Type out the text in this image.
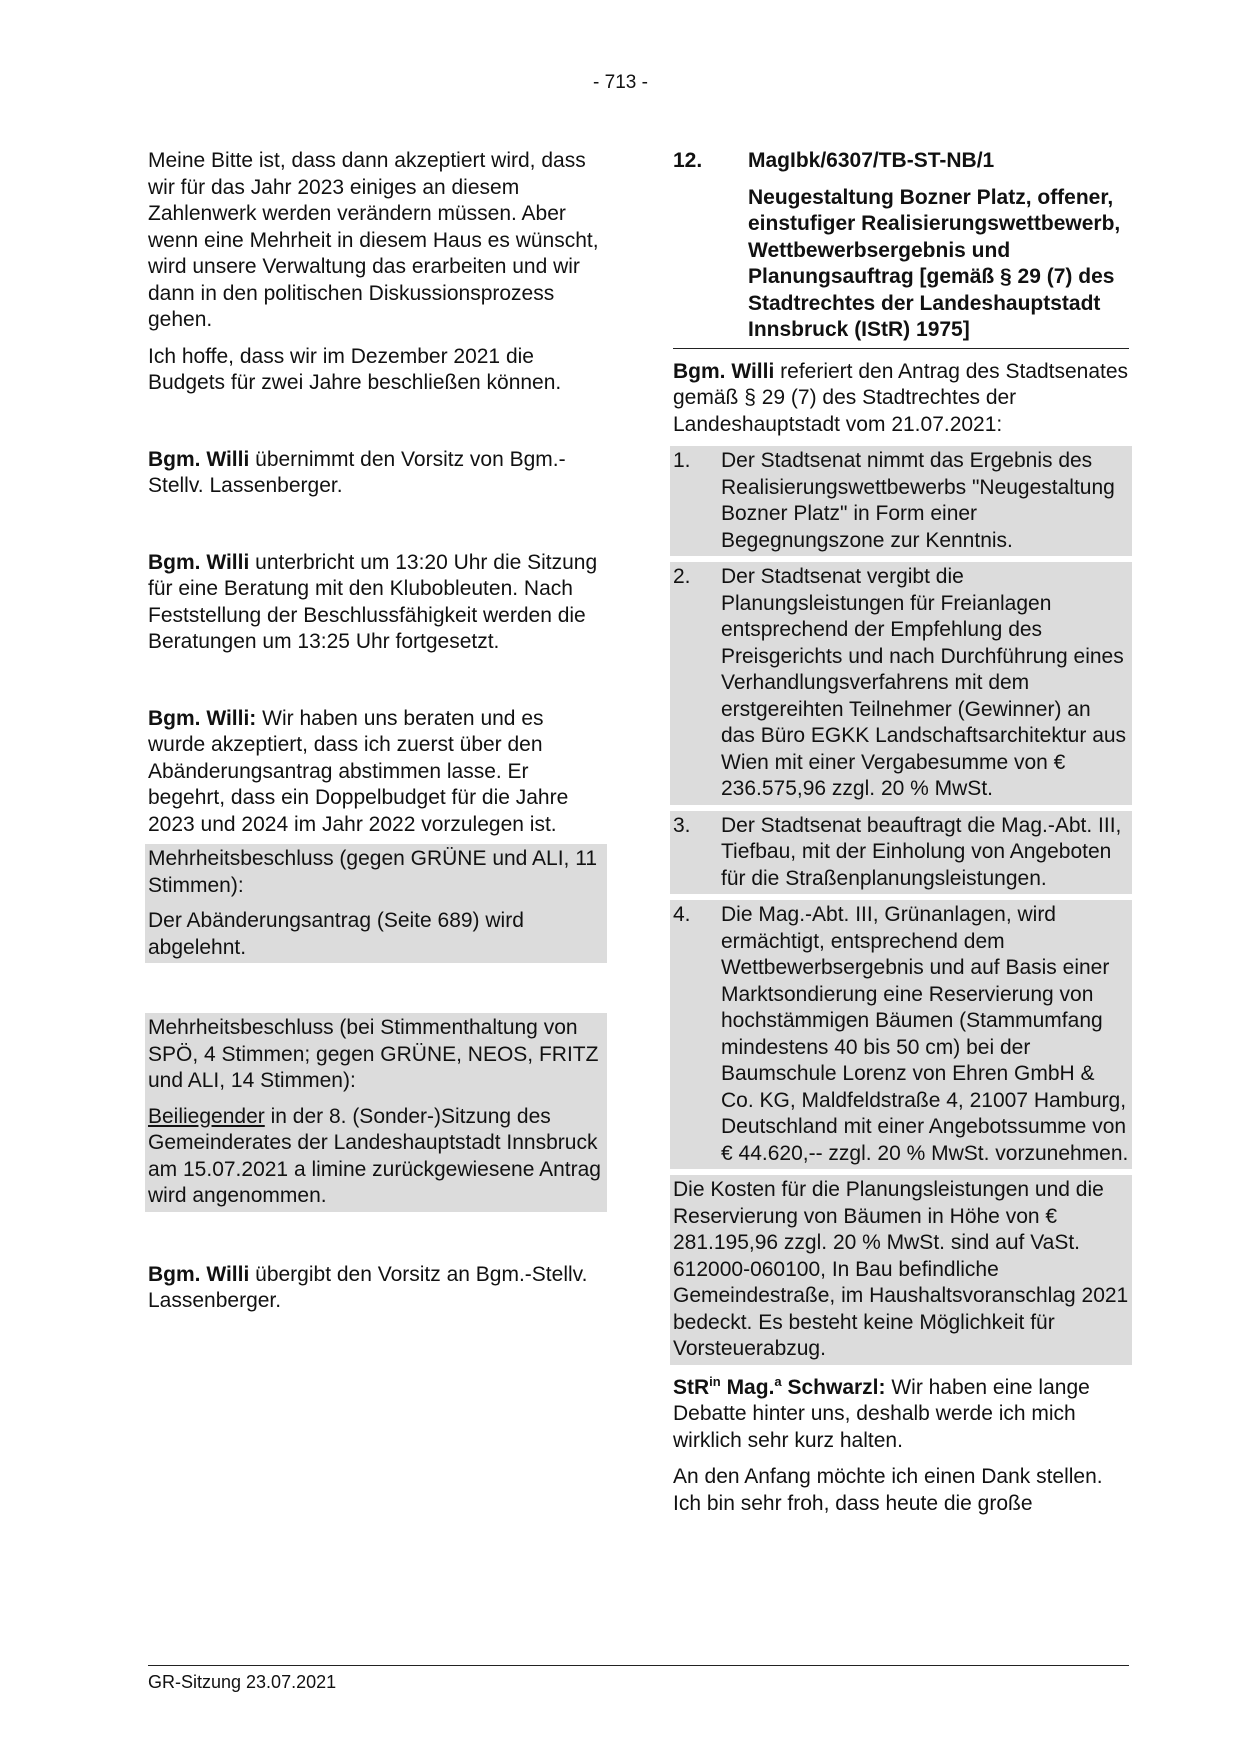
- 713 -

Meine Bitte ist, dass dann akzeptiert wird, dass wir für das Jahr 2023 einiges an diesem Zahlenwerk werden verändern müssen. Aber wenn eine Mehrheit in diesem Haus es wünscht, wird unsere Verwaltung das erarbeiten und wir dann in den politischen Diskussionsprozess gehen.

Ich hoffe, dass wir im Dezember 2021 die Budgets für zwei Jahre beschließen können.

Bgm. Willi übernimmt den Vorsitz von Bgm.-Stellv. Lassenberger.

Bgm. Willi unterbricht um 13:20 Uhr die Sitzung für eine Beratung mit den Klubobleuten. Nach Feststellung der Beschlussfähigkeit werden die Beratungen um 13:25 Uhr fortgesetzt.

Bgm. Willi: Wir haben uns beraten und es wurde akzeptiert, dass ich zuerst über den Abänderungsantrag abstimmen lasse. Er begehrt, dass ein Doppelbudget für die Jahre 2023 und 2024 im Jahr 2022 vorzulegen ist.

Mehrheitsbeschluss (gegen GRÜNE und ALI, 11 Stimmen):

Der Abänderungsantrag (Seite 689) wird abgelehnt.

Mehrheitsbeschluss (bei Stimmenthaltung von SPÖ, 4 Stimmen; gegen GRÜNE, NEOS, FRITZ und ALI, 14 Stimmen):

Beiliegender in der 8. (Sonder-)Sitzung des Gemeinderates der Landeshauptstadt Innsbruck am 15.07.2021 a limine zurückgewiesene Antrag wird angenommen.

Bgm. Willi übergibt den Vorsitz an Bgm.-Stellv. Lassenberger.

12.	MagIbk/6307/TB-ST-NB/1

Neugestaltung Bozner Platz, offener, einstufiger Realisierungswettbewerb, Wettbewerbsergebnis und Planungsauftrag [gemäß § 29 (7) des Stadtrechtes der Landeshauptstadt Innsbruck (IStR) 1975]

Bgm. Willi referiert den Antrag des Stadtsenates gemäß § 29 (7) des Stadtrechtes der Landeshauptstadt vom 21.07.2021:

1.	Der Stadtsenat nimmt das Ergebnis des Realisierungswettbewerbs "Neugestaltung Bozner Platz" in Form einer Begegnungszone zur Kenntnis.
2.	Der Stadtsenat vergibt die Planungsleistungen für Freianlagen entsprechend der Empfehlung des Preisgerichts und nach Durchführung eines Verhandlungsverfahrens mit dem erstgereihten Teilnehmer (Gewinner) an das Büro EGKK Landschaftsarchitektur aus Wien mit einer Vergabesumme von € 236.575,96 zzgl. 20 % MwSt.
3.	Der Stadtsenat beauftragt die Mag.-Abt. III, Tiefbau, mit der Einholung von Angeboten für die Straßenplanungsleistungen.
4.	Die Mag.-Abt. III, Grünanlagen, wird ermächtigt, entsprechend dem Wettbewerbsergebnis und auf Basis einer Marktsondierung eine Reservierung von hochstämmigen Bäumen (Stammumfang mindestens 40 bis 50 cm) bei der Baumschule Lorenz von Ehren GmbH & Co. KG, Maldfeldstraße 4, 21007 Hamburg, Deutschland mit einer Angebotssumme von € 44.620,-- zzgl. 20 % MwSt. vorzunehmen.

Die Kosten für die Planungsleistungen und die Reservierung von Bäumen in Höhe von € 281.195,96 zzgl. 20 % MwSt. sind auf VaSt. 612000-060100, In Bau befindliche Gemeindestraße, im Haushaltsvoranschlag 2021 bedeckt. Es besteht keine Möglichkeit für Vorsteuerabzug.

StR$^{in}$ Mag.$^a$ Schwarzl: Wir haben eine lange Debatte hinter uns, deshalb werde ich mich wirklich sehr kurz halten.

An den Anfang möchte ich einen Dank stellen. Ich bin sehr froh, dass heute die große

GR-Sitzung 23.07.2021
